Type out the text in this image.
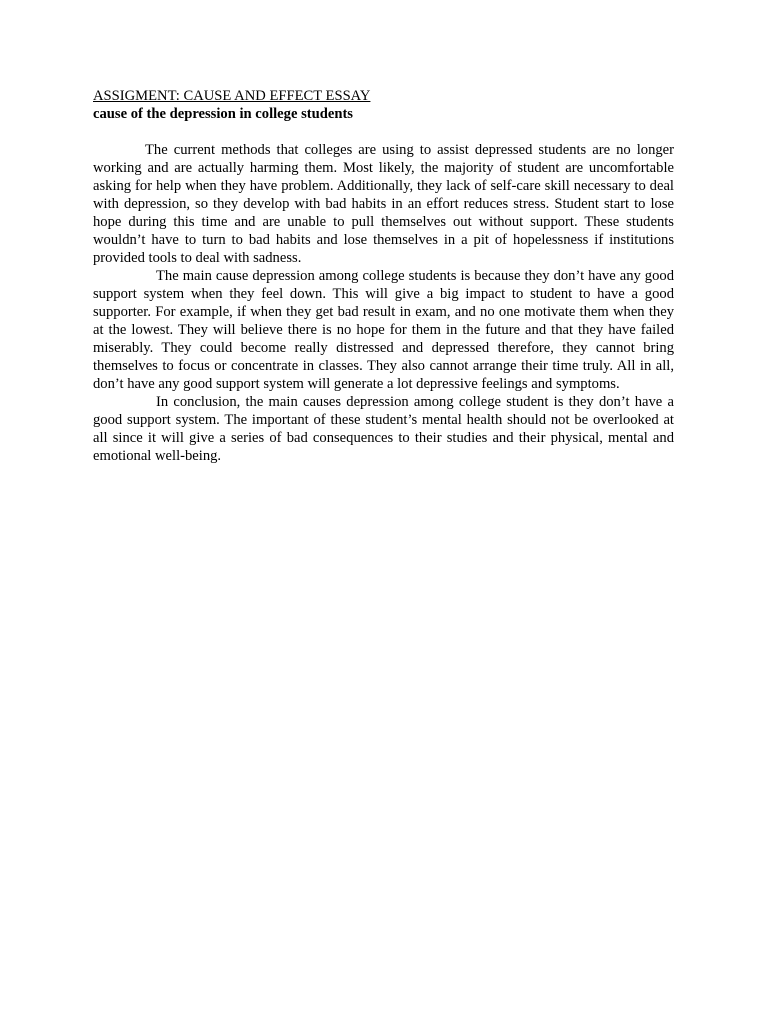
ASSIGMENT: CAUSE AND EFFECT ESSAY

cause of the depression in college students

The current methods that colleges are using to assist depressed students are no longer working and are actually harming them. Most likely, the majority of student are uncomfortable asking for help when they have problem. Additionally, they lack of self-care skill necessary to deal with depression, so they develop with bad habits in an effort reduces stress. Student start to lose hope during this time and are unable to pull themselves out without support. These students wouldn’t have to turn to bad habits and lose themselves in a pit of hopelessness if institutions provided tools to deal with sadness.

The main cause depression among college students is because they don’t have any good support system when they feel down. This will give a big impact to student to have a good supporter. For example, if when they get bad result in exam, and no one motivate them when they at the lowest. They will believe there is no hope for them in the future and that they have failed miserably. They could become really distressed and depressed therefore, they cannot bring themselves to focus or concentrate in classes. They also cannot arrange their time truly. All in all, don’t have any good support system will generate a lot depressive feelings and symptoms.

In conclusion, the main causes depression among college student is they don’t have a good support system. The important of these student’s mental health should not be overlooked at all since it will give a series of bad consequences to their studies and their physical, mental and emotional well-being.
